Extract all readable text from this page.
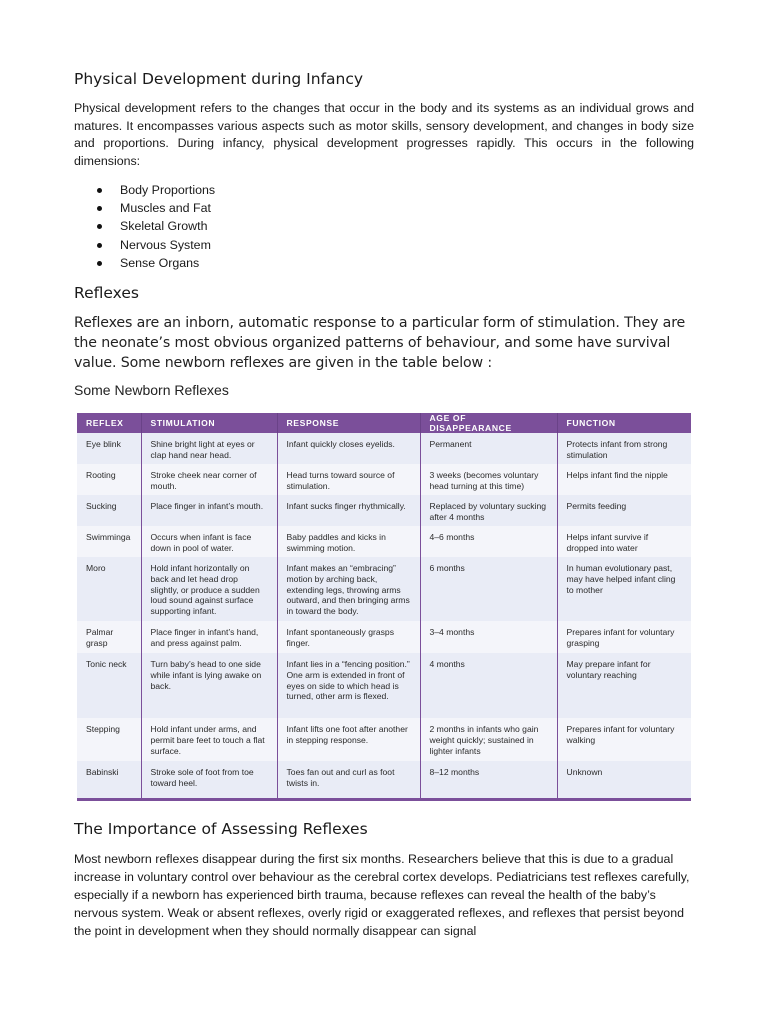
Physical Development during Infancy

Physical development refers to the changes that occur in the body and its systems as an individual grows and matures. It encompasses various aspects such as motor skills, sensory development, and changes in body size and proportions. During infancy, physical development progresses rapidly. This occurs in the following dimensions:

Body Proportions
Muscles and Fat
Skeletal Growth
Nervous System
Sense Organs
Reflexes

Reflexes are an inborn, automatic response to a particular form of stimulation. They are the neonate’s most obvious organized patterns of behaviour, and some have survival value. Some newborn reflexes are given in the table below :

Some Newborn Reflexes
The Importance of Assessing Reflexes

Most newborn reflexes disappear during the first six months. Researchers believe that this is due to a gradual increase in voluntary control over behaviour as the cerebral cortex develops. Pediatricians test reflexes carefully, especially if a newborn has experienced birth trauma, because reflexes can reveal the health of the baby’s nervous system. Weak or absent reflexes, overly rigid or exaggerated reflexes, and reflexes that persist beyond the point in development when they should normally disappear can signal

REFLEX	STIMULATION	RESPONSE	AGE OF DISAPPEARANCE	FUNCTION
Eye blink	Shine bright light at eyes or clap hand near head.	Infant quickly closes eyelids.	Permanent	Protects infant from strong stimulation
Rooting	Stroke cheek near corner of mouth.	Head turns toward source of stimulation.	3 weeks (becomes voluntary head turning at this time)	Helps infant find the nipple
Sucking	Place finger in infant’s mouth.	Infant sucks finger rhythmically.	Replaced by voluntary sucking after 4 months	Permits feeding
Swimminga	Occurs when infant is face down in pool of water.	Baby paddles and kicks in swimming motion.	4–6 months	Helps infant survive if dropped into water
Moro	Hold infant horizontally on back and let head drop slightly, or produce a sudden loud sound against surface supporting infant.	Infant makes an “embracing” motion by arching back, extending legs, throwing arms outward, and then bringing arms in toward the body.	6 months	In human evolutionary past, may have helped infant cling to mother
Palmar grasp	Place finger in infant’s hand, and press against palm.	Infant spontaneously grasps finger.	3–4 months	Prepares infant for voluntary grasping
Tonic neck	Turn baby’s head to one side while infant is lying awake on back.	Infant lies in a “fencing position.” One arm is extended in front of eyes on side to which head is turned, other arm is flexed.	4 months	May prepare infant for voluntary reaching
Stepping	Hold infant under arms, and permit bare feet to touch a flat surface.	Infant lifts one foot after another in stepping response.	2 months in infants who gain weight quickly; sustained in lighter infants	Prepares infant for voluntary walking
Babinski	Stroke sole of foot from toe toward heel.	Toes fan out and curl as foot twists in.	8–12 months	Unknown
